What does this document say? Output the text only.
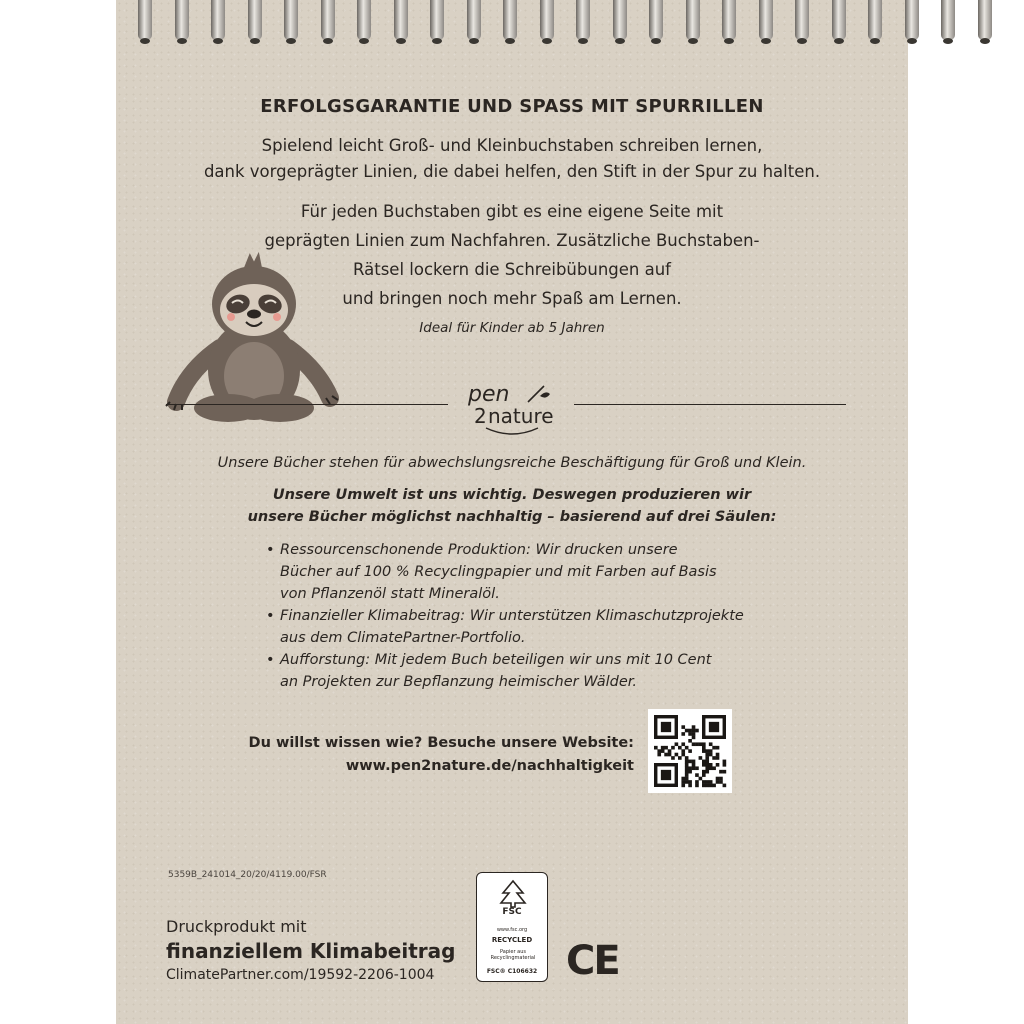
ERFOLGSGARANTIE UND SPASS MIT SPURRILLEN
Spielend leicht Groß- und Kleinbuchstaben schreiben lernen,
dank vorgeprägter Linien, die dabei helfen, den Stift in der Spur zu halten.
Für jeden Buchstaben gibt es eine eigene Seite mit
geprägten Linien zum Nachfahren. Zusätzliche Buchstaben-
Rätsel lockern die Schreibübungen auf
und bringen noch mehr Spaß am Lernen.
Ideal für Kinder ab 5 Jahren
pen
2 nature
Unsere Bücher stehen für abwechslungsreiche Beschäftigung für Groß und Klein.
Unsere Umwelt ist uns wichtig. Deswegen produzieren wir
unsere Bücher möglichst nachhaltig – basierend auf drei Säulen:
• Ressourcenschonende Produktion: Wir drucken unsere
Bücher auf 100 % Recyclingpapier und mit Farben auf Basis
von Pflanzenöl statt Mineralöl.
• Finanzieller Klimabeitrag: Wir unterstützen Klimaschutzprojekte
aus dem ClimatePartner-Portfolio.
• Aufforstung: Mit jedem Buch beteiligen wir uns mit 10 Cent
an Projekten zur Bepflanzung heimischer Wälder.
Du willst wissen wie? Besuche unsere Website:
www.pen2nature.de/nachhaltigkeit
5359B_241014_20/20/4119.00/FSR
Druckprodukt mit
finanziellem Klimabeitrag
ClimatePartner.com/19592-2206-1004
FSC
www.fsc.org
RECYCLED
Papier aus
Recyclingmaterial
FSC® C106632 CE
